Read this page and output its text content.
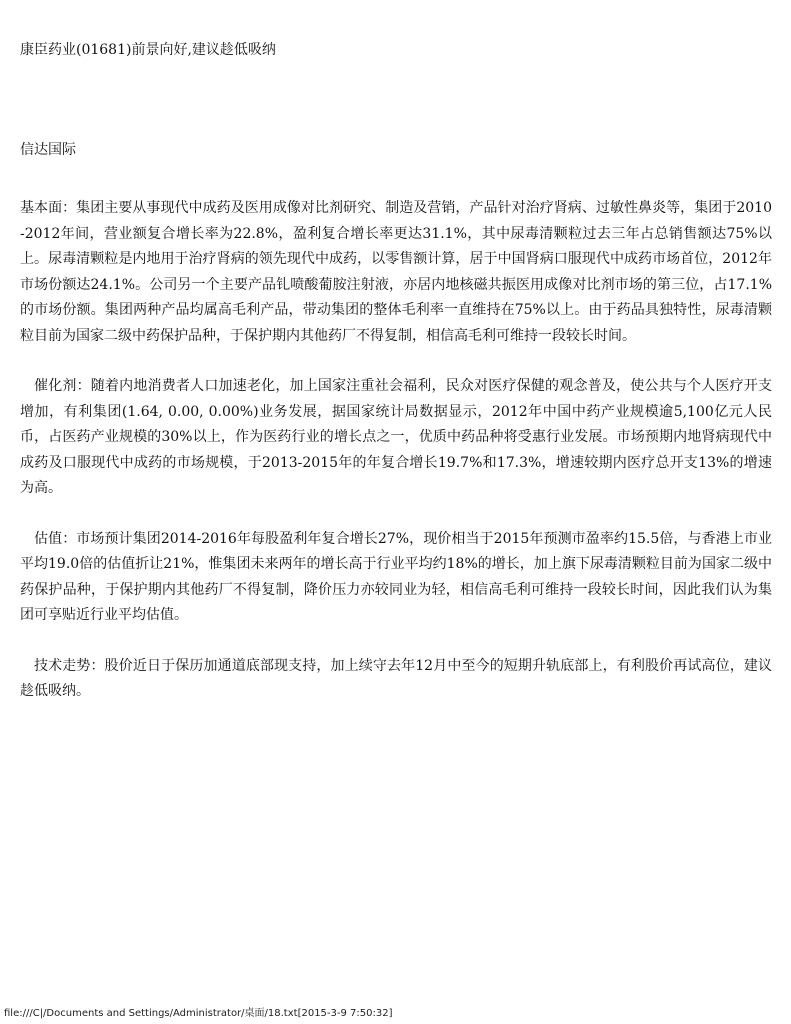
康臣药业(01681)前景向好,建议趁低吸纳

信达国际

基本面：集团主要从事现代中成药及医用成像对比剂研究、制造及营销，产品针对治疗肾病、过敏性鼻炎等，集团于2010-2012年间，营业额复合增长率为22.8%，盈利复合增长率更达31.1%，其中尿毒清颗粒过去三年占总销售额达75%以上。尿毒清颗粒是内地用于治疗肾病的领先现代中成药，以零售额计算，居于中国肾病口服现代中成药市场首位，2012年市场份额达24.1%。公司另一个主要产品钆喷酸葡胺注射液，亦居内地核磁共振医用成像对比剂市场的第三位，占17.1%的市场份额。集团两种产品均属高毛利产品，带动集团的整体毛利率一直维持在75%以上。由于药品具独特性，尿毒清颗粒目前为国家二级中药保护品种，于保护期内其他药厂不得复制，相信高毛利可维持一段较长时间。

催化剂：随着内地消费者人口加速老化，加上国家注重社会福利，民众对医疗保健的观念普及，使公共与个人医疗开支增加，有利集团(1.64, 0.00, 0.00%)业务发展，据国家统计局数据显示，2012年中国中药产业规模逾5,100亿元人民币，占医药产业规模的30%以上，作为医药行业的增长点之一，优质中药品种将受惠行业发展。市场预期内地肾病现代中成药及口服现代中成药的市场规模，于2013-2015年的年复合增长19.7%和17.3%，增速较期内医疗总开支13%的增速为高。

估值：市场预计集团2014-2016年每股盈利年复合增长27%，现价相当于2015年预测市盈率约15.5倍，与香港上市业平均19.0倍的估值折让21%，惟集团未来两年的增长高于行业平均约18%的增长，加上旗下尿毒清颗粒目前为国家二级中药保护品种，于保护期内其他药厂不得复制，降价压力亦较同业为轻，相信高毛利可维持一段较长时间，因此我们认为集团可享贴近行业平均估值。

技术走势：股价近日于保历加通道底部现支持，加上续守去年12月中至今的短期升轨底部上，有利股价再试高位，建议趁低吸纳。

file:///C|/Documents and Settings/Administrator/桌面/18.txt[2015-3-9 7:50:32]
